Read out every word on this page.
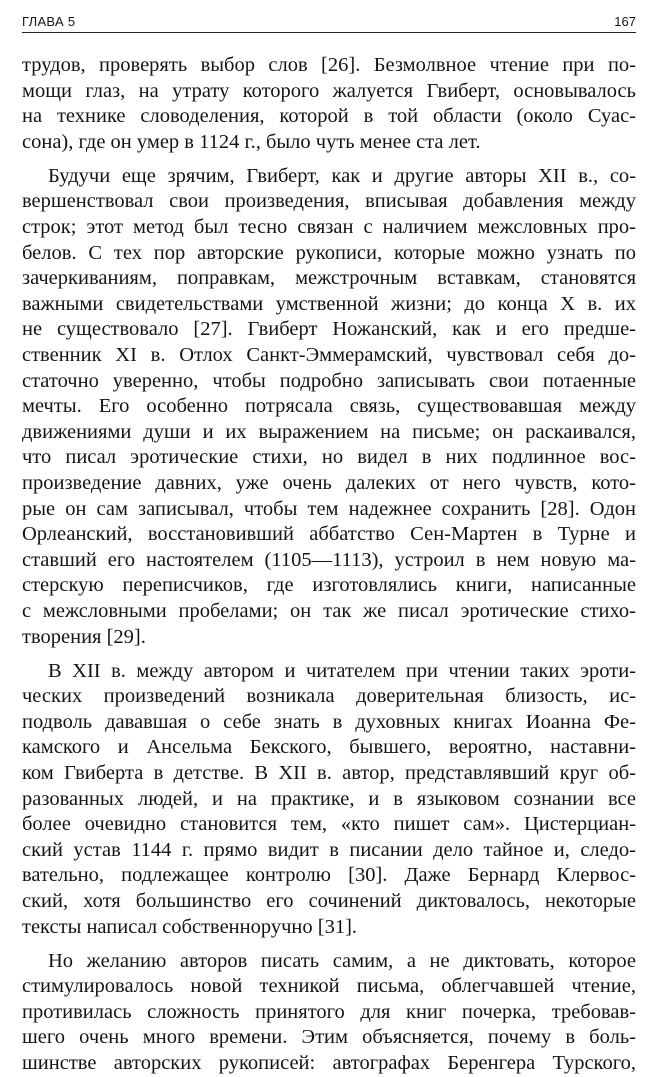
ГЛАВА 5	167
трудов, проверять выбор слов [26]. Безмолвное чтение при по-
мощи глаз, на утрату которого жалуется Гвиберт, основывалось
на технике словоделения, которой в той области (около Суас-
сона), где он умер в 1124 г., было чуть менее ста лет.
Будучи еще зрячим, Гвиберт, как и другие авторы XII в., со-
вершенствовал свои произведения, вписывая добавления между
строк; этот метод был тесно связан с наличием межсловных про-
белов. С тех пор авторские рукописи, которые можно узнать по
зачеркиваниям, поправкам, межстрочным вставкам, становятся
важными свидетельствами умственной жизни; до конца X в. их
не существовало [27]. Гвиберт Ножанский, как и его предше-
ственник XI в. Отлох Санкт-Эммерамский, чувствовал себя до-
статочно уверенно, чтобы подробно записывать свои потаенные
мечты. Его особенно потрясала связь, существовавшая между
движениями души и их выражением на письме; он раскаивался,
что писал эротические стихи, но видел в них подлинное вос-
произведение давних, уже очень далеких от него чувств, кото-
рые он сам записывал, чтобы тем надежнее сохранить [28]. Одон
Орлеанский, восстановивший аббатство Сен-Мартен в Турне и
ставший его настоятелем (1105—1113), устроил в нем новую ма-
стерскую переписчиков, где изготовлялись книги, написанные
с межсловными пробелами; он так же писал эротические стихо-
творения [29].
В XII в. между автором и читателем при чтении таких эроти-
ческих произведений возникала доверительная близость, ис-
подволь дававшая о себе знать в духовных книгах Иоанна Фе-
камского и Ансельма Бекского, бывшего, вероятно, наставни-
ком Гвиберта в детстве. В XII в. автор, представлявший круг об-
разованных людей, и на практике, и в языковом сознании все
более очевидно становится тем, «кто пишет сам». Цистерциан-
ский устав 1144 г. прямо видит в писании дело тайное и, следо-
вательно, подлежащее контролю [30]. Даже Бернард Клервос-
ский, хотя большинство его сочинений диктовалось, некоторые
тексты написал собственноручно [31].
Но желанию авторов писать самим, а не диктовать, которое
стимулировалось новой техникой письма, облегчавшей чтение,
противилась сложность принятого для книг почерка, требовав-
шего очень много времени. Этим объясняется, почему в боль-
шинстве авторских рукописей: автографах Беренгера Турского,
